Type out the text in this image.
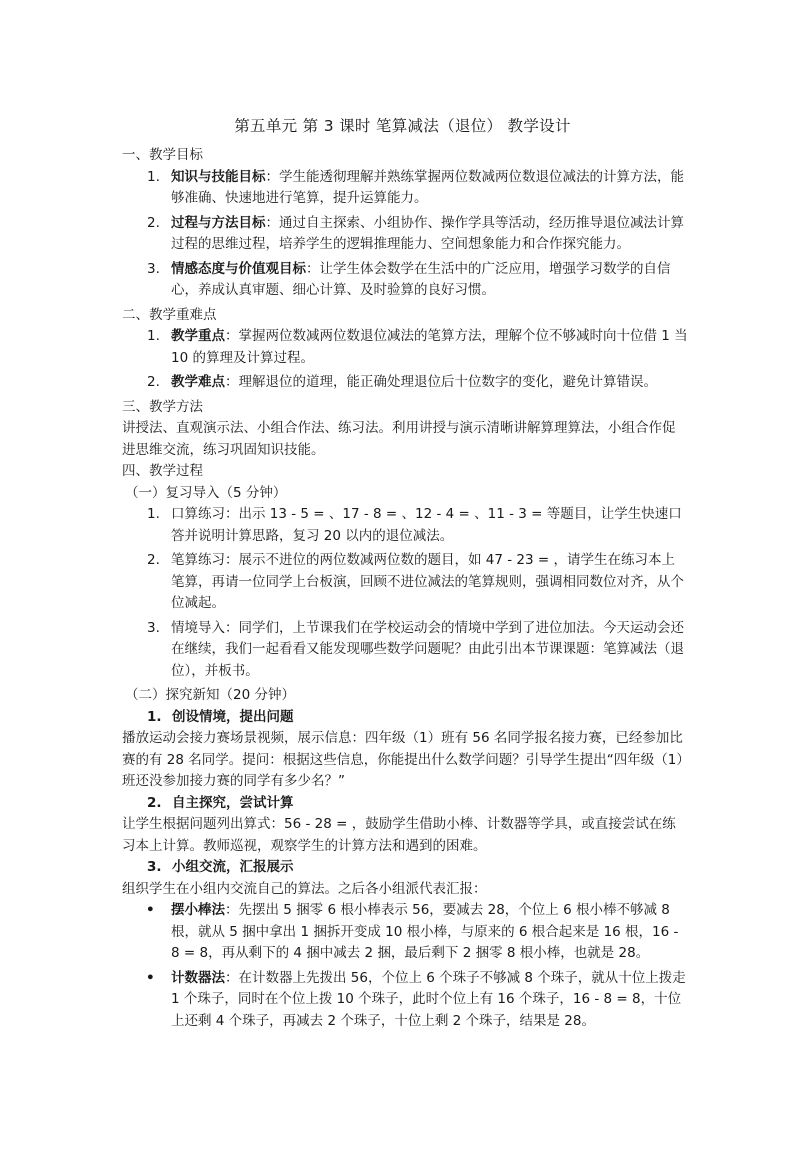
第五单元 第 3 课时 笔算减法（退位） 教学设计

一、教学目标

1. 知识与技能目标：学生能透彻理解并熟练掌握两位数减两位数退位减法的计算方法，能够准确、快速地进行笔算，提升运算能力。
2. 过程与方法目标：通过自主探索、小组协作、操作学具等活动，经历推导退位减法计算过程的思维过程，培养学生的逻辑推理能力、空间想象能力和合作探究能力。
3. 情感态度与价值观目标：让学生体会数学在生活中的广泛应用，增强学习数学的自信心，养成认真审题、细心计算、及时验算的良好习惯。

二、教学重难点

1. 教学重点：掌握两位数减两位数退位减法的笔算方法，理解个位不够减时向十位借 1 当 10 的算理及计算过程。
2. 教学难点：理解退位的道理，能正确处理退位后十位数字的变化，避免计算错误。

三、教学方法

讲授法、直观演示法、小组合作法、练习法。利用讲授与演示清晰讲解算理算法，小组合作促进思维交流，练习巩固知识技能。

四、教学过程

（一）复习导入（5 分钟）

1. 口算练习：出示 13 - 5 = 、17 - 8 = 、12 - 4 = 、11 - 3 = 等题目，让学生快速口答并说明计算思路，复习 20 以内的退位减法。
2. 笔算练习：展示不进位的两位数减两位数的题目，如 47 - 23 = ，请学生在练习本上笔算，再请一位同学上台板演，回顾不进位减法的笔算规则，强调相同数位对齐，从个位减起。
3. 情境导入：同学们，上节课我们在学校运动会的情境中学到了进位加法。今天运动会还在继续，我们一起看看又能发现哪些数学问题呢？由此引出本节课课题：笔算减法（退位），并板书。

（二）探究新知（20 分钟）

1. 创设情境，提出问题

播放运动会接力赛场景视频，展示信息：四年级（1）班有 56 名同学报名接力赛，已经参加比赛的有 28 名同学。提问：根据这些信息，你能提出什么数学问题？引导学生提出“四年级（1）班还没参加接力赛的同学有多少名？”

2. 自主探究，尝试计算

让学生根据问题列出算式：56 - 28 = ，鼓励学生借助小棒、计数器等学具，或直接尝试在练习本上计算。教师巡视，观察学生的计算方法和遇到的困难。

3. 小组交流，汇报展示

组织学生在小组内交流自己的算法。之后各小组派代表汇报：

• 摆小棒法：先摆出 5 捆零 6 根小棒表示 56，要减去 28，个位上 6 根小棒不够减 8 根，就从 5 捆中拿出 1 捆拆开变成 10 根小棒，与原来的 6 根合起来是 16 根，16 - 8 = 8，再从剩下的 4 捆中减去 2 捆，最后剩下 2 捆零 8 根小棒，也就是 28。
• 计数器法：在计数器上先拨出 56，个位上 6 个珠子不够减 8 个珠子，就从十位上拨走 1 个珠子，同时在个位上拨 10 个珠子，此时个位上有 16 个珠子，16 - 8 = 8，十位上还剩 4 个珠子，再减去 2 个珠子，十位上剩 2 个珠子，结果是 28。
